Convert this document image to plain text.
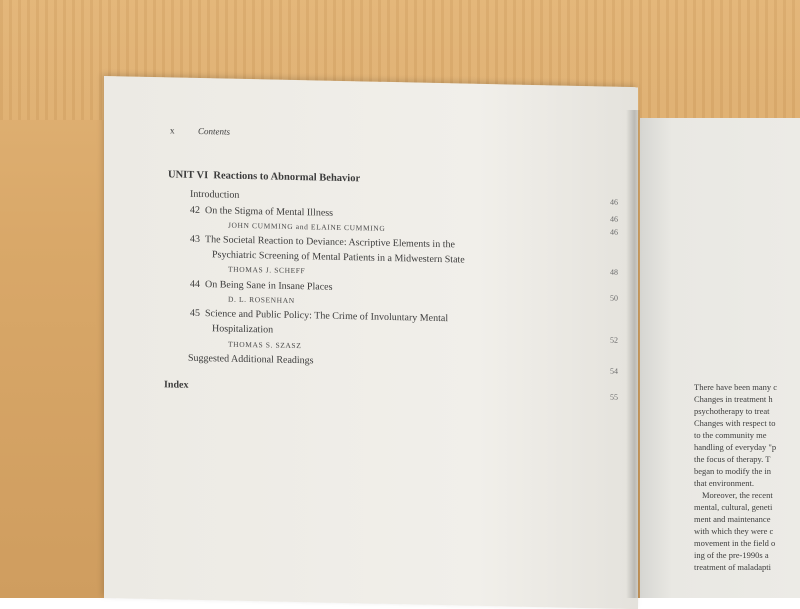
There have been many c
Changes in treatment h
psychotherapy to treat
Changes with respect to
to the community me
handling of everyday "p
the focus of therapy. T
began to modify the in
that environment.
Moreover, the recent
mental, cultural, geneti
ment and maintenance
with which they were c
movement in the field o
ing of the pre-1990s a
treatment of maladapti
x	Contents
UNIT VI Reactions to Abnormal Behavior
Introduction
46
42 On the Stigma of Mental Illness
46
JOHN CUMMING and ELAINE CUMMING	46
43 The Societal Reaction to Deviance: Ascriptive Elements in the
Psychiatric Screening of Mental Patients in a Midwestern State
48
THOMAS J. SCHEFF
44 On Being Sane in Insane Places
50
D. L. ROSENHAN
45 Science and Public Policy: The Crime of Involuntary Mental
Hospitalization
52
THOMAS S. SZASZ
Suggested Additional Readings
54
Index
55
